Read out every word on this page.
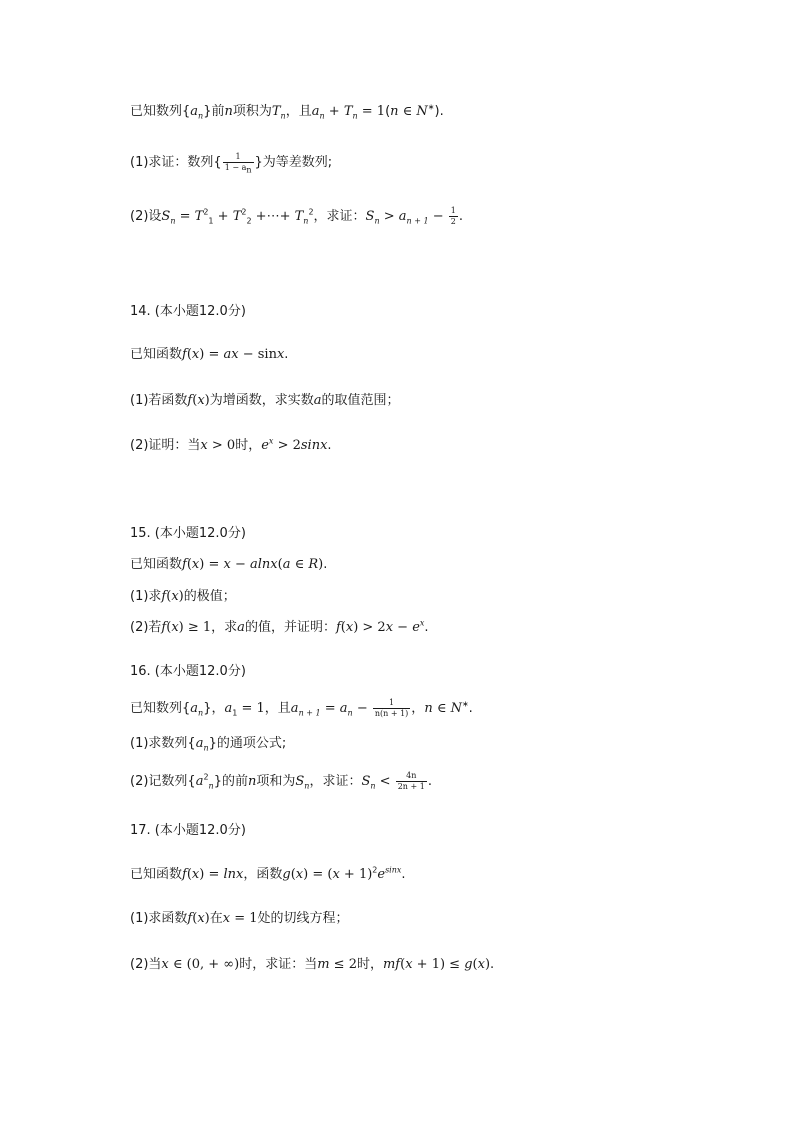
已知数列$\{a_n\}$前n项积为$T_n$，且$a_n + T_n = 1(n$ ∈ N∗).
(1)求证：数列{ $\frac{1}{1 - a_n}$ }为等差数列;
(2)设$S_n = T^2_1 + T^2_2$ +⋯+ $T_n^2$，求证：$S_n > a_{n + 1} - \frac{1}{2}$ .
14. (本小题12.0分)
已知函数f(x) = ax − sinx.
(1)若函数f(x)为增函数，求实数a的取值范围；
(2)证明：当x > 0时，$e^x > 2\sin x$.
15. (本小题12.0分)
已知函数f(x) = x − alnx(a ∈ R).
(1)求f(x)的极值；
(2)若f(x) ≥ 1，求a的值，并证明：$f(x) > 2x - e^x$.
16. (本小题12.0分)
已知数列$\{a_n\}$，$a_1 = 1$，且$a_{n + 1} = a_n - \frac{1}{n(n + 1)}$ ，n ∈ N∗.
(1)求数列$\{a_n\}$的通项公式;
(2)记数列$\{a^2_n\}$的前n项和为$S_n$，求证：$S_n < \frac{4n}{2n + 1}$ .
17. (本小题12.0分)
已知函数f(x) = lnx，函数$g(x) = (x + 1)^2e^{sinx}$.
(1)求函数f(x)在x = 1处的切线方程；
(2)当x ∈ (0, + ∞)时，求证：当m ≤ 2时，mf(x + 1) ≤ g(x).
